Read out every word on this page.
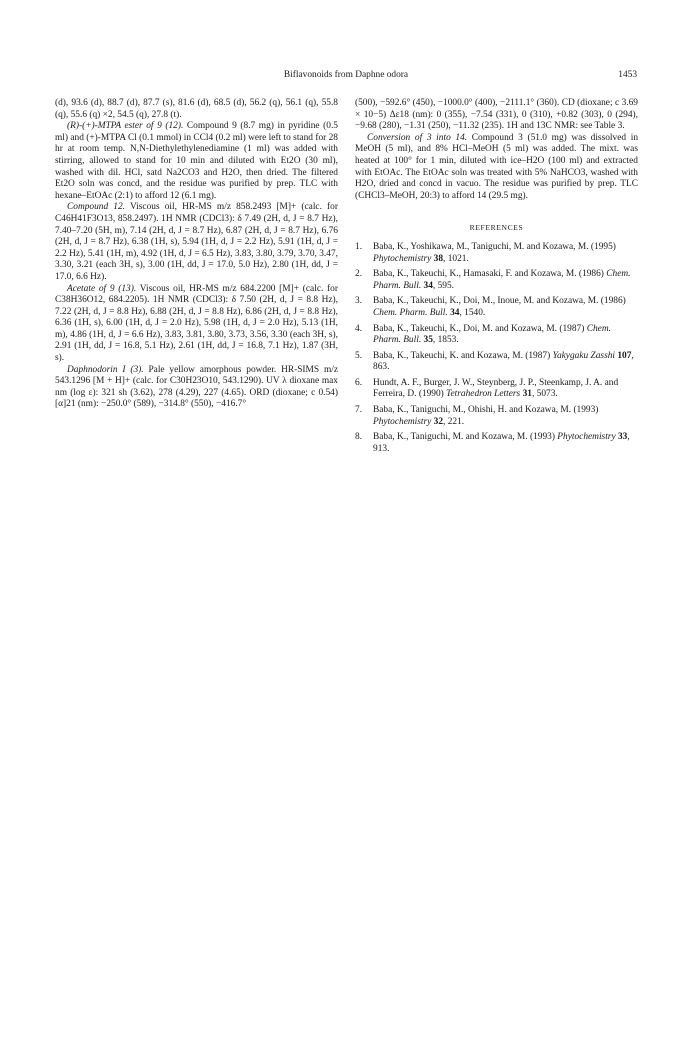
Biflavonoids from Daphne odora	1453

(d), 93.6 (d), 88.7 (d), 87.7 (s), 81.6 (d), 68.5 (d), 56.2 (q), 56.1 (q), 55.8 (q), 55.6 (q) ×2, 54.5 (q), 27.8 (t).

(R)-(+)-MTPA ester of 9 (12). Compound 9 (8.7 mg) in pyridine (0.5 ml) and (+)-MTPA Cl (0.1 mmol) in CCl4 (0.2 ml) were left to stand for 28 hr at room temp. N,N-Diethylethylenediamine (1 ml) was added with stirring, allowed to stand for 10 min and diluted with Et2O (30 ml), washed with dil. HCl, satd Na2CO3 and H2O, then dried. The filtered Et2O soln was concd, and the residue was purified by prep. TLC with hexane–EtOAc (2:1) to afford 12 (6.1 mg).

Compound 12. Viscous oil, HR-MS m/z 858.2493 [M]+ (calc. for C46H41F3O13, 858.2497). 1H NMR (CDCl3): δ 7.49 (2H, d, J = 8.7 Hz), 7.40–7.20 (5H, m), 7.14 (2H, d, J = 8.7 Hz), 6.87 (2H, d, J = 8.7 Hz), 6.76 (2H, d, J = 8.7 Hz), 6.38 (1H, s), 5.94 (1H, d, J = 2.2 Hz), 5.91 (1H, d, J = 2.2 Hz), 5.41 (1H, m), 4.92 (1H, d, J = 6.5 Hz), 3.83, 3.80, 3.79, 3.70, 3.47, 3.30, 3.21 (each 3H, s), 3.00 (1H, dd, J = 17.0, 5.0 Hz), 2.80 (1H, dd, J = 17.0, 6.6 Hz).

Acetate of 9 (13). Viscous oil, HR-MS m/z 684.2200 [M]+ (calc. for C38H36O12, 684.2205). 1H NMR (CDCl3): δ 7.50 (2H, d, J = 8.8 Hz), 7.22 (2H, d, J = 8.8 Hz), 6.88 (2H, d, J = 8.8 Hz), 6.86 (2H, d, J = 8.8 Hz), 6.36 (1H, s), 6.00 (1H, d, J = 2.0 Hz), 5.98 (1H, d, J = 2.0 Hz), 5.13 (1H, m), 4.86 (1H, d, J = 6.6 Hz), 3.83, 3.81, 3.80, 3.73, 3.56, 3.30 (each 3H, s), 2.91 (1H, dd, J = 16.8, 5.1 Hz), 2.61 (1H, dd, J = 16.8, 7.1 Hz), 1.87 (3H, s).

Daphnodorin I (3). Pale yellow amorphous powder. HR-SIMS m/z 543.1296 [M + H]+ (calc. for C30H23O10, 543.1290). UV λ dioxane max nm (log ε): 321 sh (3.62), 278 (4.29), 227 (4.65). ORD (dioxane; c 0.54) [α]21 (nm): −250.0° (589), −314.8° (550), −416.7°

(500), −592.6° (450), −1000.0° (400), −2111.1° (360). CD (dioxane; c 3.69 × 10−5) Δε18 (nm): 0 (355), −7.54 (331), 0 (310), +0.82 (303), 0 (294), −9.68 (280), −1.31 (250), −11.32 (235). 1H and 13C NMR: see Table 3.

Conversion of 3 into 14. Compound 3 (51.0 mg) was dissolved in MeOH (5 ml), and 8% HCl–MeOH (5 ml) was added. The mixt. was heated at 100° for 1 min, diluted with ice–H2O (100 ml) and extracted with EtOAc. The EtOAc soln was treated with 5% NaHCO3, washed with H2O, dried and concd in vacuo. The residue was purified by prep. TLC (CHCl3–MeOH, 20:3) to afford 14 (29.5 mg).

REFERENCES
1. Baba, K., Yoshikawa, M., Taniguchi, M. and Kozawa, M. (1995) Phytochemistry 38, 1021.
2. Baba, K., Takeuchi, K., Hamasaki, F. and Kozawa, M. (1986) Chem. Pharm. Bull. 34, 595.
3. Baba, K., Takeuchi, K., Doi, M., Inoue, M. and Kozawa, M. (1986) Chem. Pharm. Bull. 34, 1540.
4. Baba, K., Takeuchi, K., Doi, M. and Kozawa, M. (1987) Chem. Pharm. Bull. 35, 1853.
5. Baba, K., Takeuchi, K. and Kozawa, M. (1987) Yakygaku Zasshi 107, 863.
6. Hundt, A. F., Burger, J. W., Steynberg, J. P., Steenkamp, J. A. and Ferreira, D. (1990) Tetrahedron Letters 31, 5073.
7. Baba, K., Taniguchi, M., Ohishi, H. and Kozawa, M. (1993) Phytochemistry 32, 221.
8. Baba, K., Taniguchi, M. and Kozawa, M. (1993) Phytochemistry 33, 913.
